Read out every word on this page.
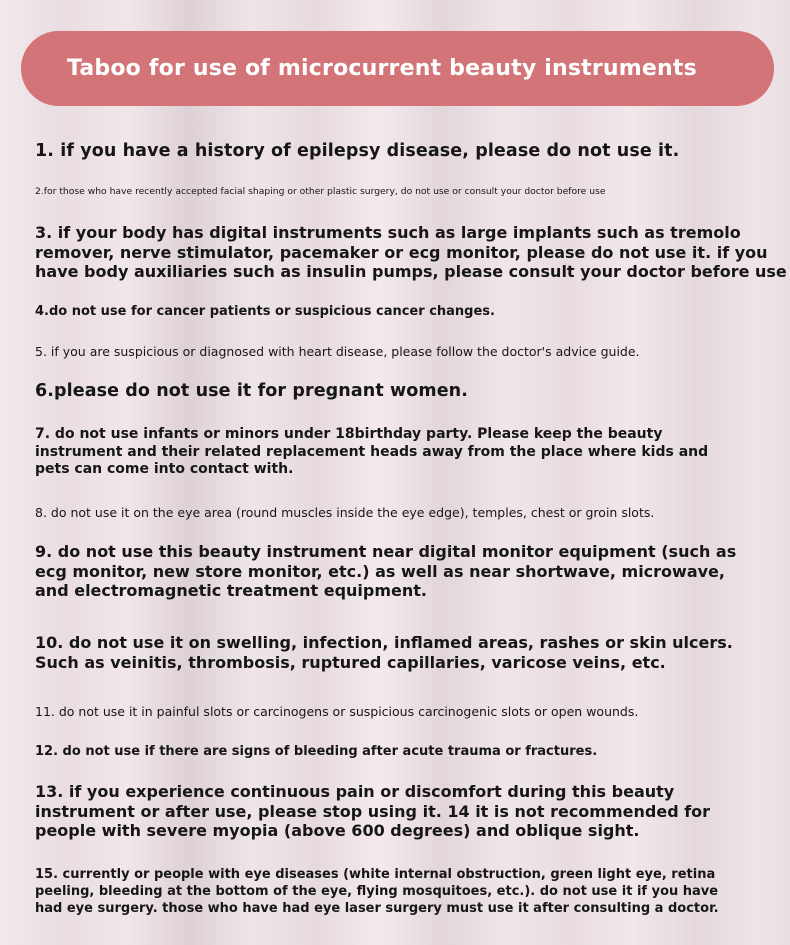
Taboo for use of microcurrent beauty instruments

1. if you have a history of epilepsy disease, please do not use it.

2.for those who have recently accepted facial shaping or other plastic surgery, do not use or consult your doctor before use

3. if your body has digital instruments such as large implants such as tremolo
remover, nerve stimulator, pacemaker or ecg monitor, please do not use it. if you
have body auxiliaries such as insulin pumps, please consult your doctor before use

4.do not use for cancer patients or suspicious cancer changes.

5. if you are suspicious or diagnosed with heart disease, please follow the doctor's advice guide.

6.please do not use it for pregnant women.

7. do not use infants or minors under 18birthday party. Please keep the beauty
instrument and their related replacement heads away from the place where kids and
pets can come into contact with.

8. do not use it on the eye area (round muscles inside the eye edge), temples, chest or groin slots.

9. do not use this beauty instrument near digital monitor equipment (such as
ecg monitor, new store monitor, etc.) as well as near shortwave, microwave,
and electromagnetic treatment equipment.

10. do not use it on swelling, infection, inflamed areas, rashes or skin ulcers.
Such as veinitis, thrombosis, ruptured capillaries, varicose veins, etc.

11. do not use it in painful slots or carcinogens or suspicious carcinogenic slots or open wounds.

12. do not use if there are signs of bleeding after acute trauma or fractures.

13. if you experience continuous pain or discomfort during this beauty
instrument or after use, please stop using it. 14 it is not recommended for
people with severe myopia (above 600 degrees) and oblique sight.

15. currently or people with eye diseases (white internal obstruction, green light eye, retina
peeling, bleeding at the bottom of the eye, flying mosquitoes, etc.). do not use it if you have
had eye surgery. those who have had eye laser surgery must use it after consulting a doctor.
